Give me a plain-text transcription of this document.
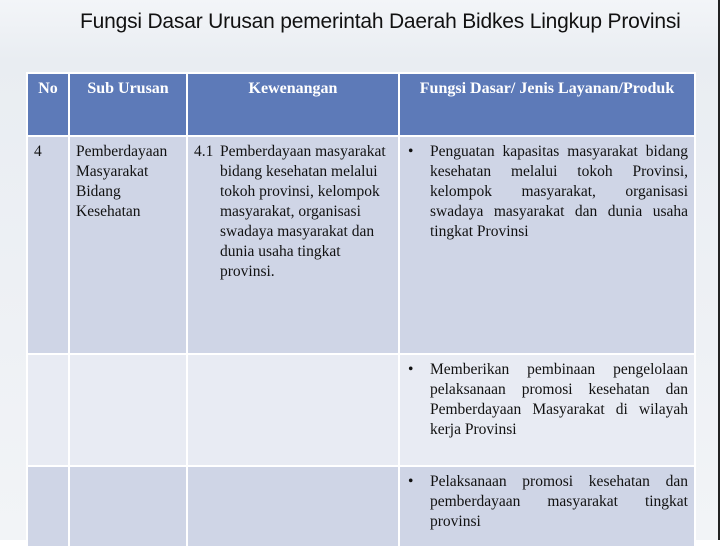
Fungsi Dasar Urusan pemerintah Daerah Bidkes Lingkup Provinsi
No	Sub Urusan	Kewenangan	Fungsi Dasar/ Jenis Layanan/Produk
4	Pemberdayaan Masyarakat Bidang Kesehatan	4.1 Pemberdayaan masyarakat bidang kesehatan melalui tokoh provinsi, kelompok masyarakat, organisasi swadaya masyarakat dan dunia usaha tingkat provinsi.	• Penguatan kapasitas masyarakat bidang kesehatan melalui tokoh Provinsi, kelompok masyarakat, organisasi swadaya masyarakat dan dunia usaha tingkat Provinsi

			• Memberikan pembinaan pengelolaan pelaksanaan promosi kesehatan dan Pemberdayaan Masyarakat di wilayah kerja Provinsi

			• Pelaksanaan promosi kesehatan dan pemberdayaan masyarakat tingkat provinsi
